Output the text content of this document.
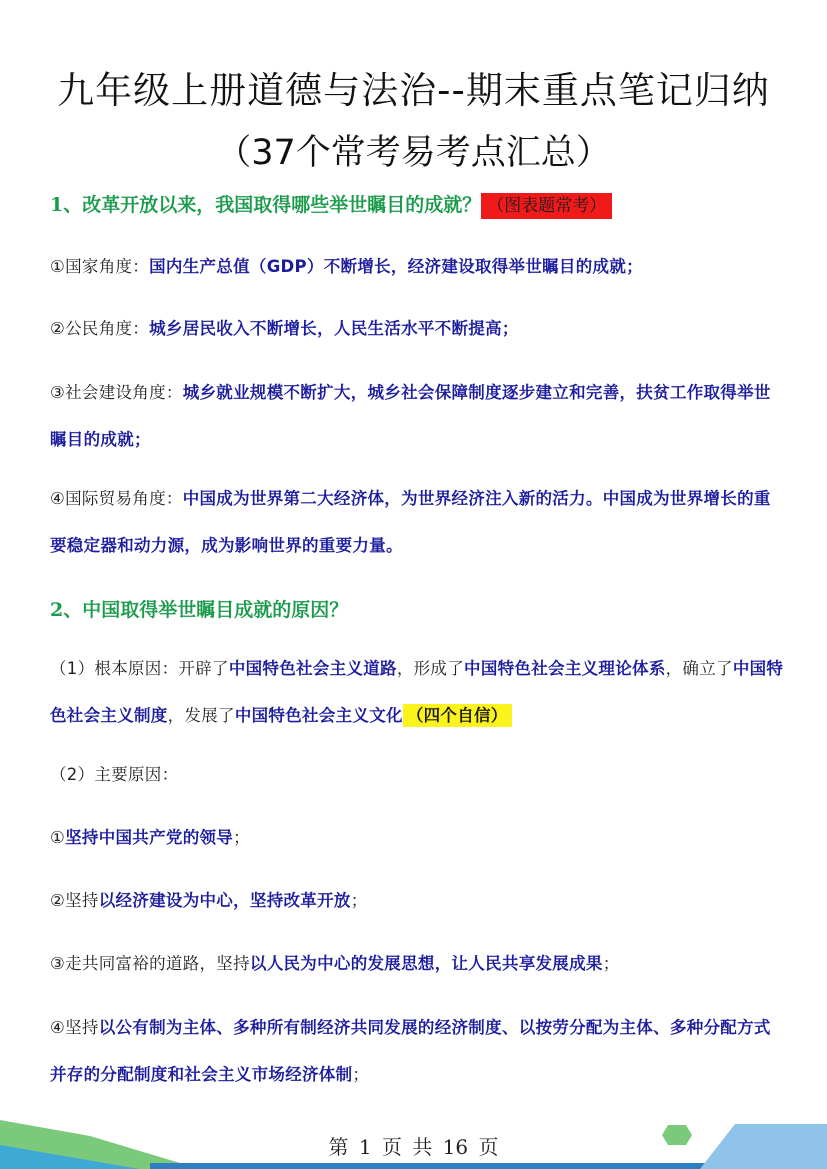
九年级上册道德与法治--期末重点笔记归纳
（37个常考易考点汇总）
1、改革开放以来，我国取得哪些举世瞩目的成就？ （图表题常考）
①国家角度：国内生产总值（GDP）不断增长，经济建设取得举世瞩目的成就；
②公民角度：城乡居民收入不断增长，人民生活水平不断提高；
③社会建设角度：城乡就业规模不断扩大，城乡社会保障制度逐步建立和完善，扶贫工作取得举世瞩目的成就；
④国际贸易角度：中国成为世界第二大经济体，为世界经济注入新的活力。中国成为世界增长的重要稳定器和动力源，成为影响世界的重要力量。
2、中国取得举世瞩目成就的原因？
（1）根本原因：开辟了中国特色社会主义道路，形成了中国特色社会主义理论体系，确立了中国特色社会主义制度，发展了中国特色社会主义文化 （四个自信）
（2）主要原因：
①坚持中国共产党的领导；
②坚持以经济建设为中心，坚持改革开放；
③走共同富裕的道路，坚持以人民为中心的发展思想，让人民共享发展成果；
④坚持以公有制为主体、多种所有制经济共同发展的经济制度、以按劳分配为主体、多种分配方式并存的分配制度和社会主义市场经济体制；
第 1 页 共 16 页
